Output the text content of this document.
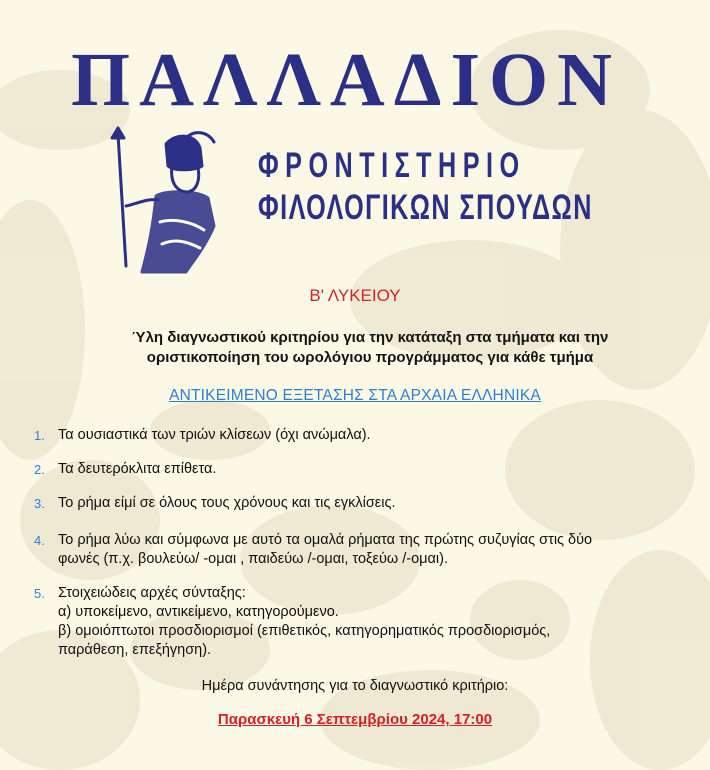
ΠΑΛΛΑΔΙΟΝ
ΦΡΟΝΤΙΣΤΗΡΙΟ
ΦΙΛΟΛΟΓΙΚΩΝ ΣΠΟΥΔΩΝ
Β' ΛΥΚΕΙΟΥ
Ύλη διαγνωστικού κριτηρίου για την κατάταξη στα τμήματα και την
οριστικοποίηση του ωρολόγιου προγράμματος για κάθε τμήμα
ΑΝΤΙΚΕΙΜΕΝΟ ΕΞΕΤΑΣΗΣ ΣΤΑ ΑΡΧΑΙΑ ΕΛΛΗΝΙΚΑ
1. Τα ουσιαστικά των τριών κλίσεων (όχι ανώμαλα).
2. Τα δευτερόκλιτα επίθετα.
3. Το ρήμα είμί σε όλους τους χρόνους και τις εγκλίσεις.
4. Το ρήμα λύω και σύμφωνα με αυτό τα ομαλά ρήματα της πρώτης συζυγίας στις δύο
φωνές (π.χ. βουλεύω/ -ομαι , παιδεύω /-ομαι, τοξεύω /-ομαι).
5. Στοιχειώδεις αρχές σύνταξης:
α) υποκείμενο, αντικείμενο, κατηγορούμενο.
β) ομοιόπτωτοι προσδιορισμοί (επιθετικός, κατηγορηματικός προσδιορισμός,
παράθεση, επεξήγηση).
Ημέρα συνάντησης για το διαγνωστικό κριτήριο:
Παρασκευή 6 Σεπτεμβρίου 2024, 17:00
